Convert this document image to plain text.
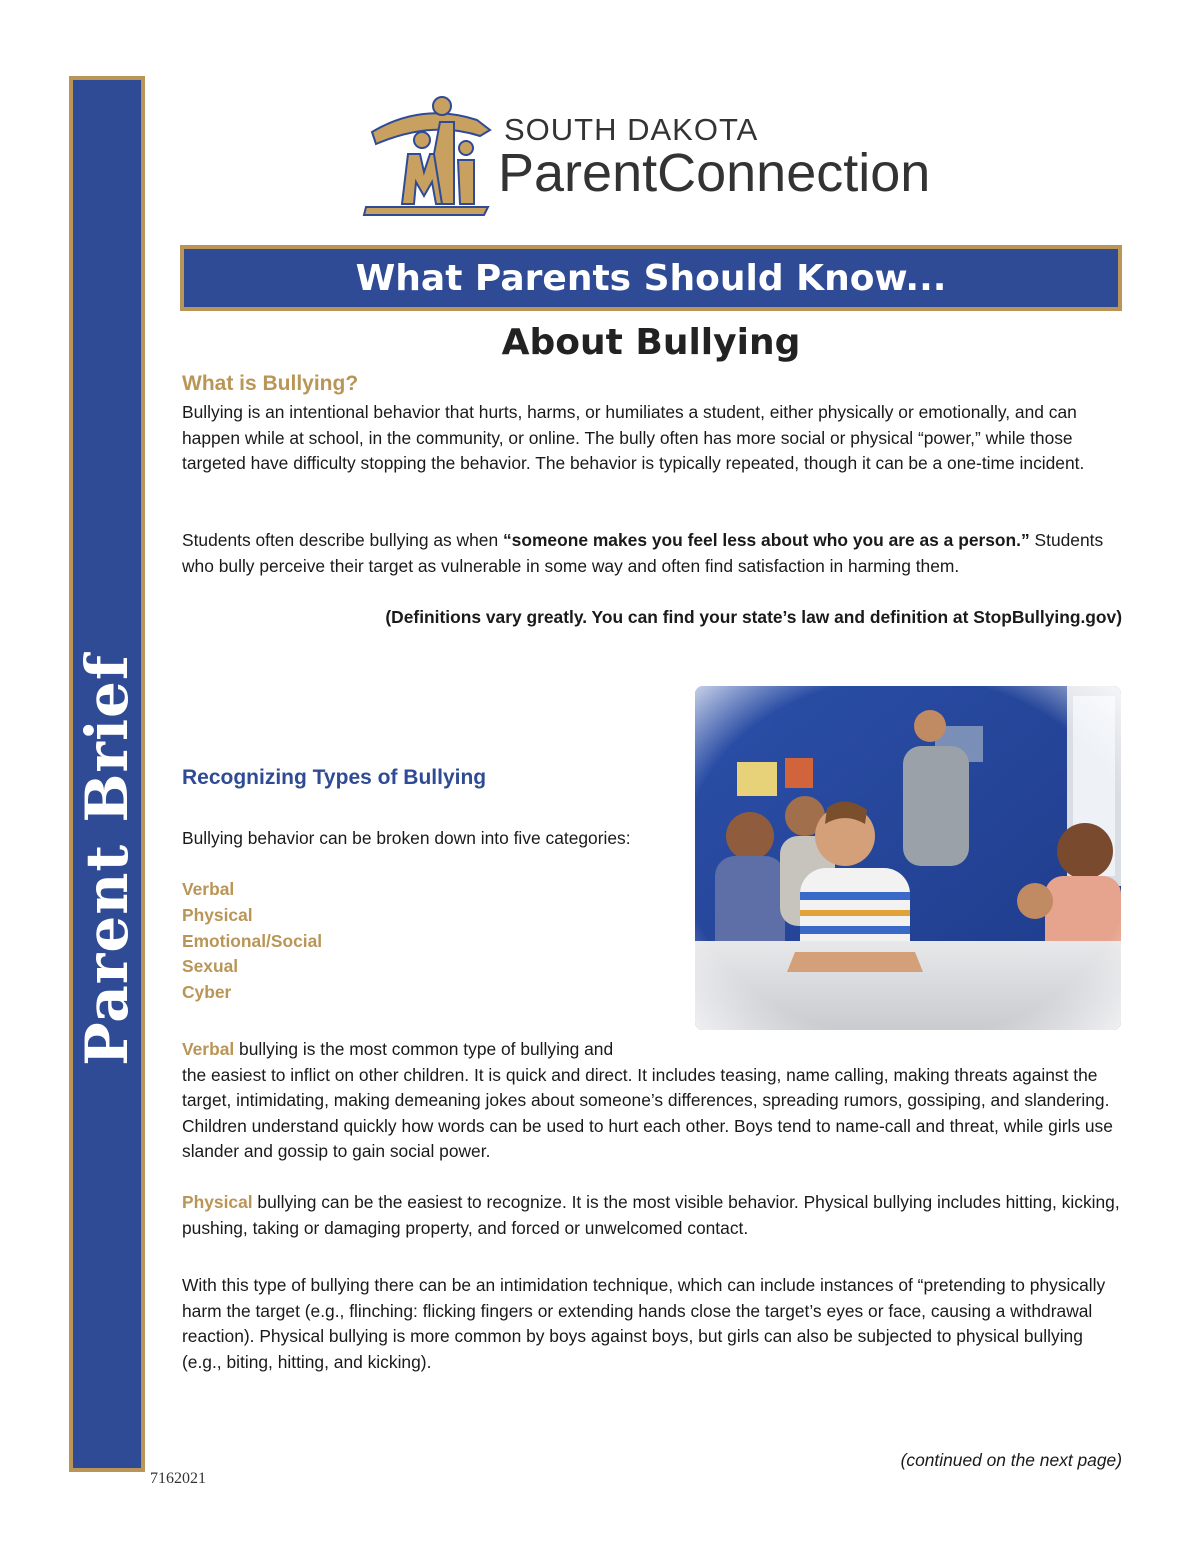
Parent Brief
7162021
SOUTH DAKOTA
ParentConnection
What Parents Should Know...
About Bullying
What is Bullying?
Bullying is an intentional behavior that hurts, harms, or humiliates a student, either physically or emotionally, and can happen while at school, in the community, or online. The bully often has more social or physical “power,” while those targeted have difficulty stopping the behavior. The behavior is typically repeated, though it can be a one-time incident.
Students often describe bullying as when “someone makes you feel less about who you are as a person.” Students who bully perceive their target as vulnerable in some way and often find satisfaction in harming them.
(Definitions vary greatly. You can find your state’s law and definition at StopBullying.gov)
Recognizing Types of Bullying
Bullying behavior can be broken down into five categories:
Verbal
Physical
Emotional/Social
Sexual
Cyber
Verbal bullying is the most common type of bullying and
the easiest to inflict on other children. It is quick and direct. It includes teasing, name calling, making threats against the target, intimidating, making demeaning jokes about someone’s differences, spreading rumors, gossiping, and slandering. Children understand quickly how words can be used to hurt each other. Boys tend to name-call and threat, while girls use slander and gossip to gain social power.
Physical bullying can be the easiest to recognize. It is the most visible behavior. Physical bullying includes hitting, kicking, pushing, taking or damaging property, and forced or unwelcomed contact.
With this type of bullying there can be an intimidation technique, which can include instances of “pretending to physically harm the target (e.g., flinching: flicking fingers or extending hands close the target’s eyes or face, causing a withdrawal reaction). Physical bullying is more common by boys against boys, but girls can also be subjected to physical bullying (e.g., biting, hitting, and kicking).
(continued on the next page)
